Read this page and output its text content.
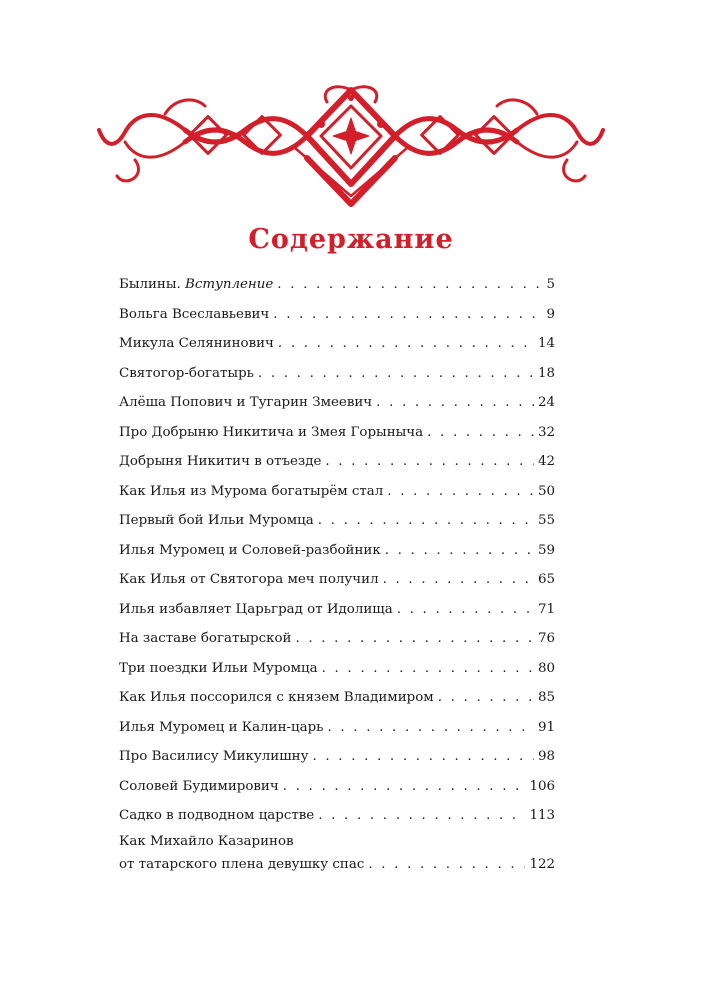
Содержание
Былины. Вступление . . .	5
Вольга Всеславьевич . . .	9
Микула Селянинович . . .	14
Святогор-богатырь . . .	18
Алёша Попович и Тугарин Змеевич . . .	24
Про Добрыню Никитича и Змея Горыныча . . .	32
Добрыня Никитич в отъезде . . .	42
Как Илья из Мурома богатырём стал . . .	50
Первый бой Ильи Муромца . . .	55
Илья Муромец и Соловей-разбойник . . .	59
Как Илья от Святогора меч получил . . .	65
Илья избавляет Царьград от Идолища . . .	71
На заставе богатырской . . .	76
Три поездки Ильи Муромца . . .	80
Как Илья поссорился с князем Владимиром . . .	85
Илья Муромец и Калин-царь . . .	91
Про Василису Микулишну . . .	98
Соловей Будимирович . . .	106
Садко в подводном царстве . . .	113
Как Михайло Казаринов
от татарского плена девушку спас . . .	122
